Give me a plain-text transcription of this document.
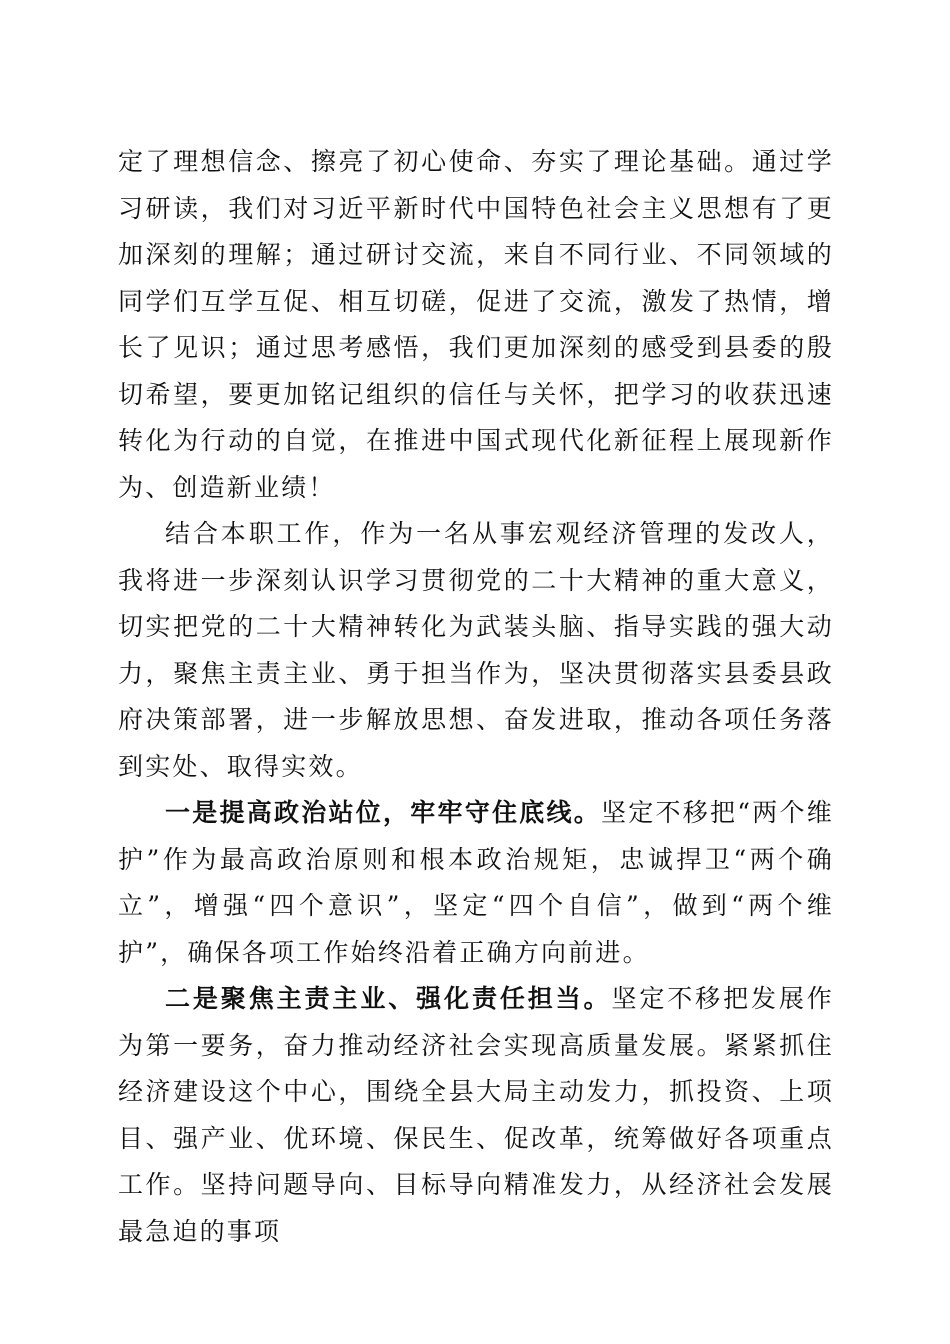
定了理想信念、擦亮了初心使命、夯实了理论基础。通过学习研读，我们对习近平新时代中国特色社会主义思想有了更加深刻的理解；通过研讨交流，来自不同行业、不同领域的同学们互学互促、相互切磋，促进了交流，激发了热情，增长了见识；通过思考感悟，我们更加深刻的感受到县委的殷切希望，要更加铭记组织的信任与关怀，把学习的收获迅速转化为行动的自觉，在推进中国式现代化新征程上展现新作为、创造新业绩！

结合本职工作，作为一名从事宏观经济管理的发改人，我将进一步深刻认识学习贯彻党的二十大精神的重大意义，切实把党的二十大精神转化为武装头脑、指导实践的强大动力，聚焦主责主业、勇于担当作为，坚决贯彻落实县委县政府决策部署，进一步解放思想、奋发进取，推动各项任务落到实处、取得实效。

一是提高政治站位，牢牢守住底线。坚定不移把“两个维护”作为最高政治原则和根本政治规矩，忠诚捍卫“两个确立”，增强“四个意识”，坚定“四个自信”，做到“两个维护”，确保各项工作始终沿着正确方向前进。

二是聚焦主责主业、强化责任担当。坚定不移把发展作为第一要务，奋力推动经济社会实现高质量发展。紧紧抓住经济建设这个中心，围绕全县大局主动发力，抓投资、上项目、强产业、优环境、保民生、促改革，统筹做好各项重点工作。坚持问题导向、目标导向精准发力，从经济社会发展最急迫的事项
